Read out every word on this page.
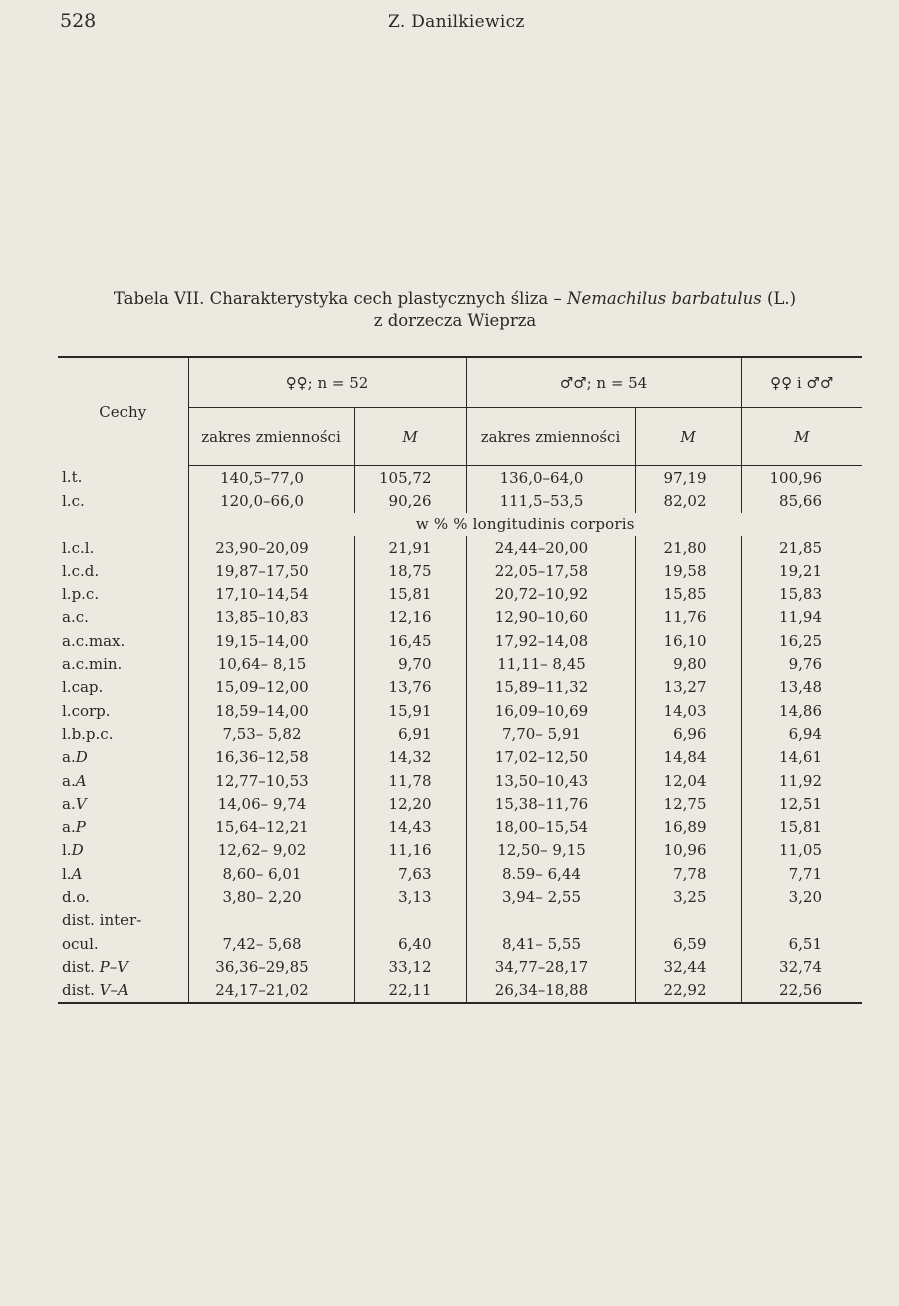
528	Z. Danilkiewicz
Tabela VII. Charakterystyka cech plastycznych śliza – Nemachilus barbatulus (L.)
z dorzecza Wieprza

Cechy	♀♀; n = 52		♂♂; n = 54		♀♀ i ♂♂
	zakres zmienności	M	zakres zmienności	M	M
l.t.	140,5–77,0	105,72	136,0–64,0	97,19	100,96
l.c.	120,0–66,0	90,26	111,5–53,5	82,02	85,66
	w % % longitudinis corporis				
l.c.l.	23,90–20,09	21,91	24,44–20,00	21,80	21,85
l.c.d.	19,87–17,50	18,75	22,05–17,58	19,58	19,21
l.p.c.	17,10–14,54	15,81	20,72–10,92	15,85	15,83
a.c.	13,85–10,83	12,16	12,90–10,60	11,76	11,94
a.c.max.	19,15–14,00	16,45	17,92–14,08	16,10	16,25
a.c.min.	10,64– 8,15	9,70	11,11– 8,45	9,80	9,76
l.cap.	15,09–12,00	13,76	15,89–11,32	13,27	13,48
l.corp.	18,59–14,00	15,91	16,09–10,69	14,03	14,86
l.b.p.c.	7,53– 5,82	6,91	7,70– 5,91	6,96	6,94
a.D	16,36–12,58	14,32	17,02–12,50	14,84	14,61
a.A	12,77–10,53	11,78	13,50–10,43	12,04	11,92
a.V	14,06– 9,74	12,20	15,38–11,76	12,75	12,51
a.P	15,64–12,21	14,43	18,00–15,54	16,89	15,81
l.D	12,62– 9,02	11,16	12,50– 9,15	10,96	11,05
l.A	8,60– 6,01	7,63	8.59– 6,44	7,78	7,71
d.o.	3,80– 2,20	3,13	3,94– 2,55	3,25	3,20
dist. inter-					
ocul.	7,42– 5,68	6,40	8,41– 5,55	6,59	6,51
dist. P–V	36,36–29,85	33,12	34,77–28,17	32,44	32,74
dist. V–A	24,17–21,02	22,11	26,34–18,88	22,92	22,56
